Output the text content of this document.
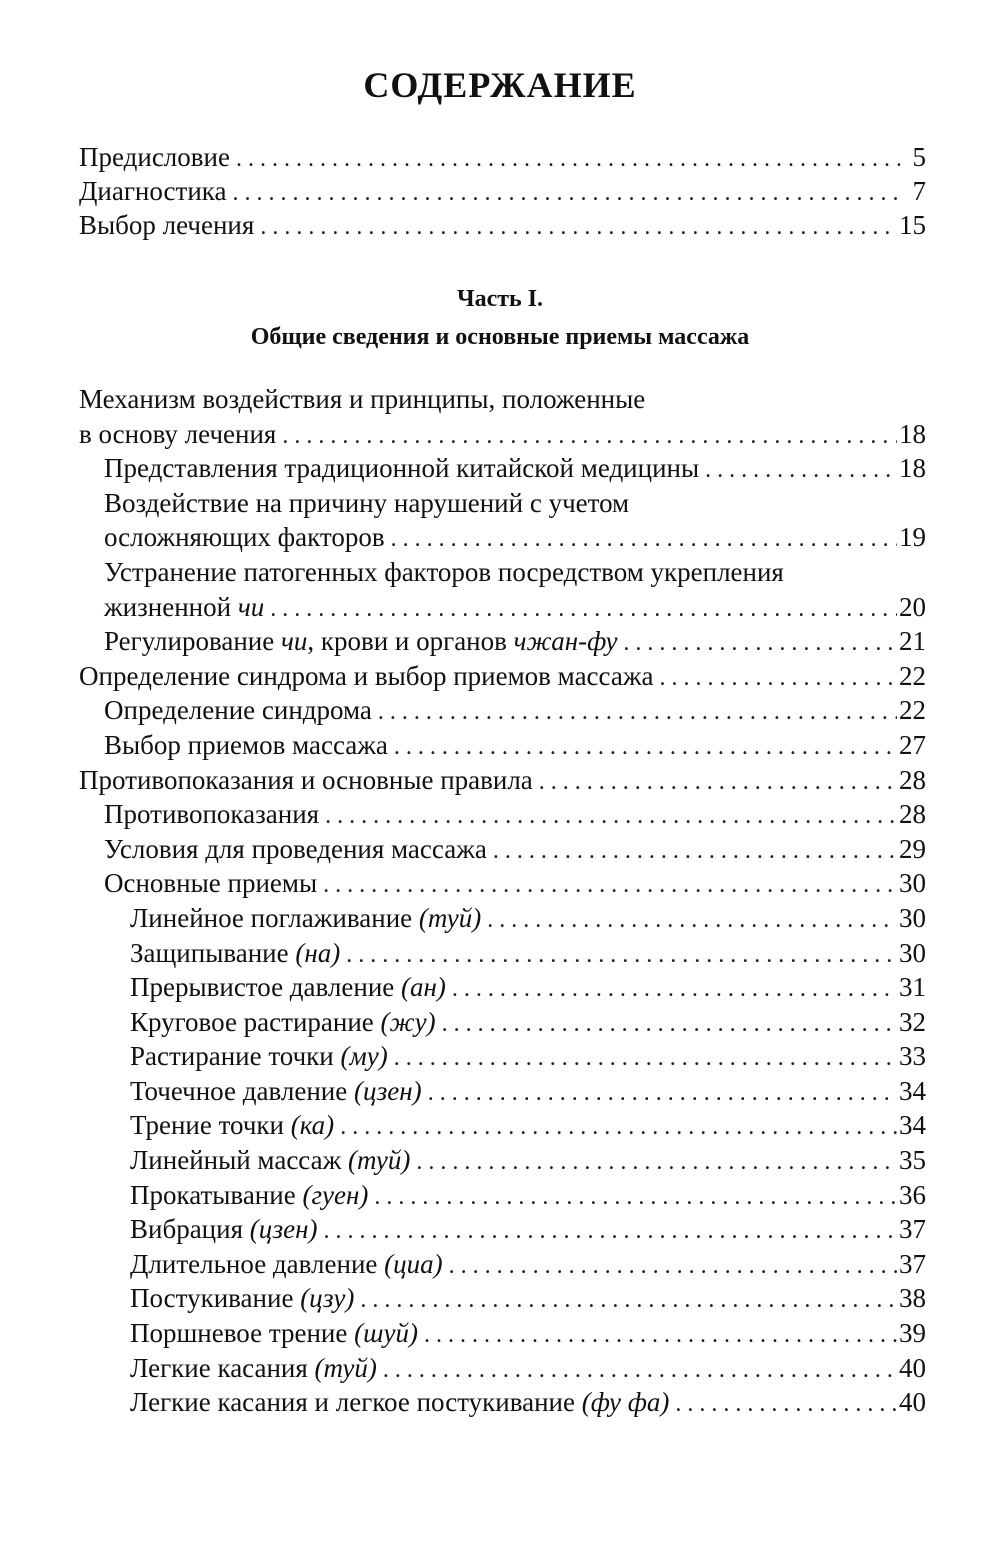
СОДЕРЖАНИЕ
Предисловие . . .	5
Диагностика . . .	7
Выбор лечения . . .	15
Часть I.
Общие сведения и основные приемы массажа
Механизм воздействия и принципы, положенные
в основу лечения . . .	18
Представления традиционной китайской медицины . . .	18
Воздействие на причину нарушений с учетом
осложняющих факторов . . .	19
Устранение патогенных факторов посредством укрепления
жизненной чи . . .	20
Регулирование чи, крови и органов чжан-фу . . .	21
Определение синдрома и выбор приемов массажа . . .	22
Определение синдрома . . .	22
Выбор приемов массажа . . .	27
Противопоказания и основные правила . . .	28
Противопоказания . . .	28
Условия для проведения массажа . . .	29
Основные приемы . . .	30
Линейное поглаживание (туй) . . .	30
Защипывание (на) . . .	30
Прерывистое давление (ан) . . .	31
Круговое растирание (жу) . . .	32
Растирание точки (му) . . .	33
Точечное давление (цзен) . . .	34
Трение точки (ка) . . .	34
Линейный массаж (туй) . . .	35
Прокатывание (гуен) . . .	36
Вибрация (цзен) . . .	37
Длительное давление (циа) . . .	37
Постукивание (цзу) . . .	38
Поршневое трение (шуй) . . .	39
Легкие касания (туй) . . .	40
Легкие касания и легкое постукивание (фу фа) . . .	40
